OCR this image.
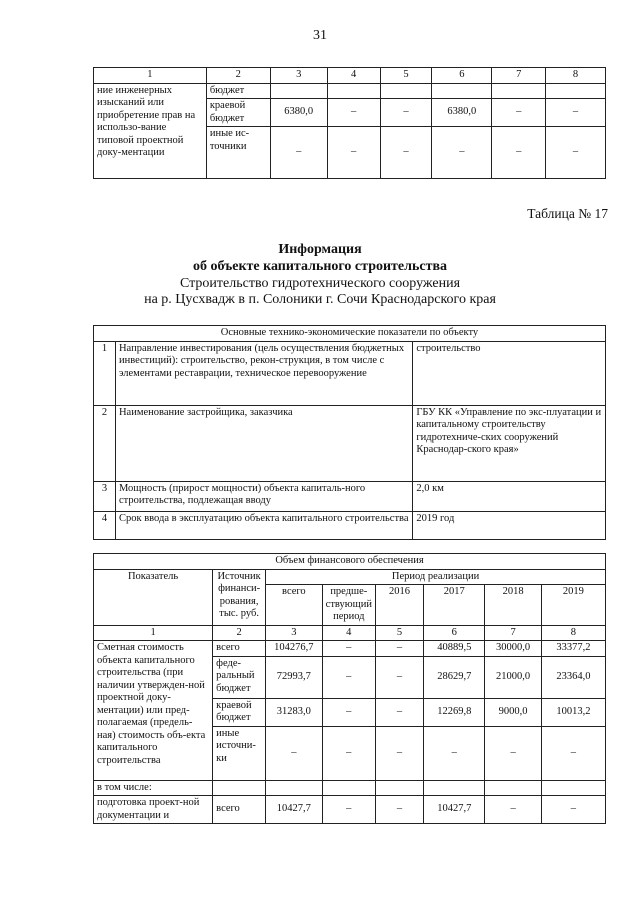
31
1	2	3	4	5	6	7	8
ние инженерных изысканий или приобретение прав на использо-вание типовой проектной доку-ментации	бюджет						
	краевой бюджет	6380,0	–	–	6380,0	–	–
	иные ис-точники	–	–	–	–	–	–
Таблица № 17
Информация
об объекте капитального строительства
Строительство гидротехнического сооружения
на р. Цусхвадж в п. Солоники г. Сочи Краснодарского края
Основные технико-экономические показатели по объекту		
1	Направление инвестирования (цель осуществления бюджетных инвестиций): строительство, рекон-струкция, в том числе с элементами реставрации, техническое перевооружение	строительство
2	Наименование застройщика, заказчика	ГБУ КК «Управление по экс-плуатации и капитальному строительству гидротехниче-ских сооружений Краснодар-ского края»
3	Мощность (прирост мощности) объекта капиталь-ного строительства, подлежащая вводу	2,0 км
4	Срок ввода в эксплуатацию объекта капитального строительства	2019 год
Объем финансового обеспечения							
Показатель	Источник финанси-рования, тыс. руб.	Период реализации					
		всего	предше-ствующий период	2016	2017	2018	2019
1	2	3	4	5	6	7	8
Сметная стоимость объекта капитального строительства (при наличии утвержден-ной проектной доку-ментации) или пред-полагаемая (предель-ная) стоимость объ-екта капитального строительства	всего	104276,7	–	–	40889,5	30000,0	33377,2
	феде-ральный бюджет	72993,7	–	–	28629,7	21000,0	23364,0
	краевой бюджет	31283,0	–	–	12269,8	9000,0	10013,2
	иные источни-ки	–	–	–	–	–	–
в том числе:							
подготовка проект-ной документации и	всего	10427,7	–	–	10427,7	–	–
